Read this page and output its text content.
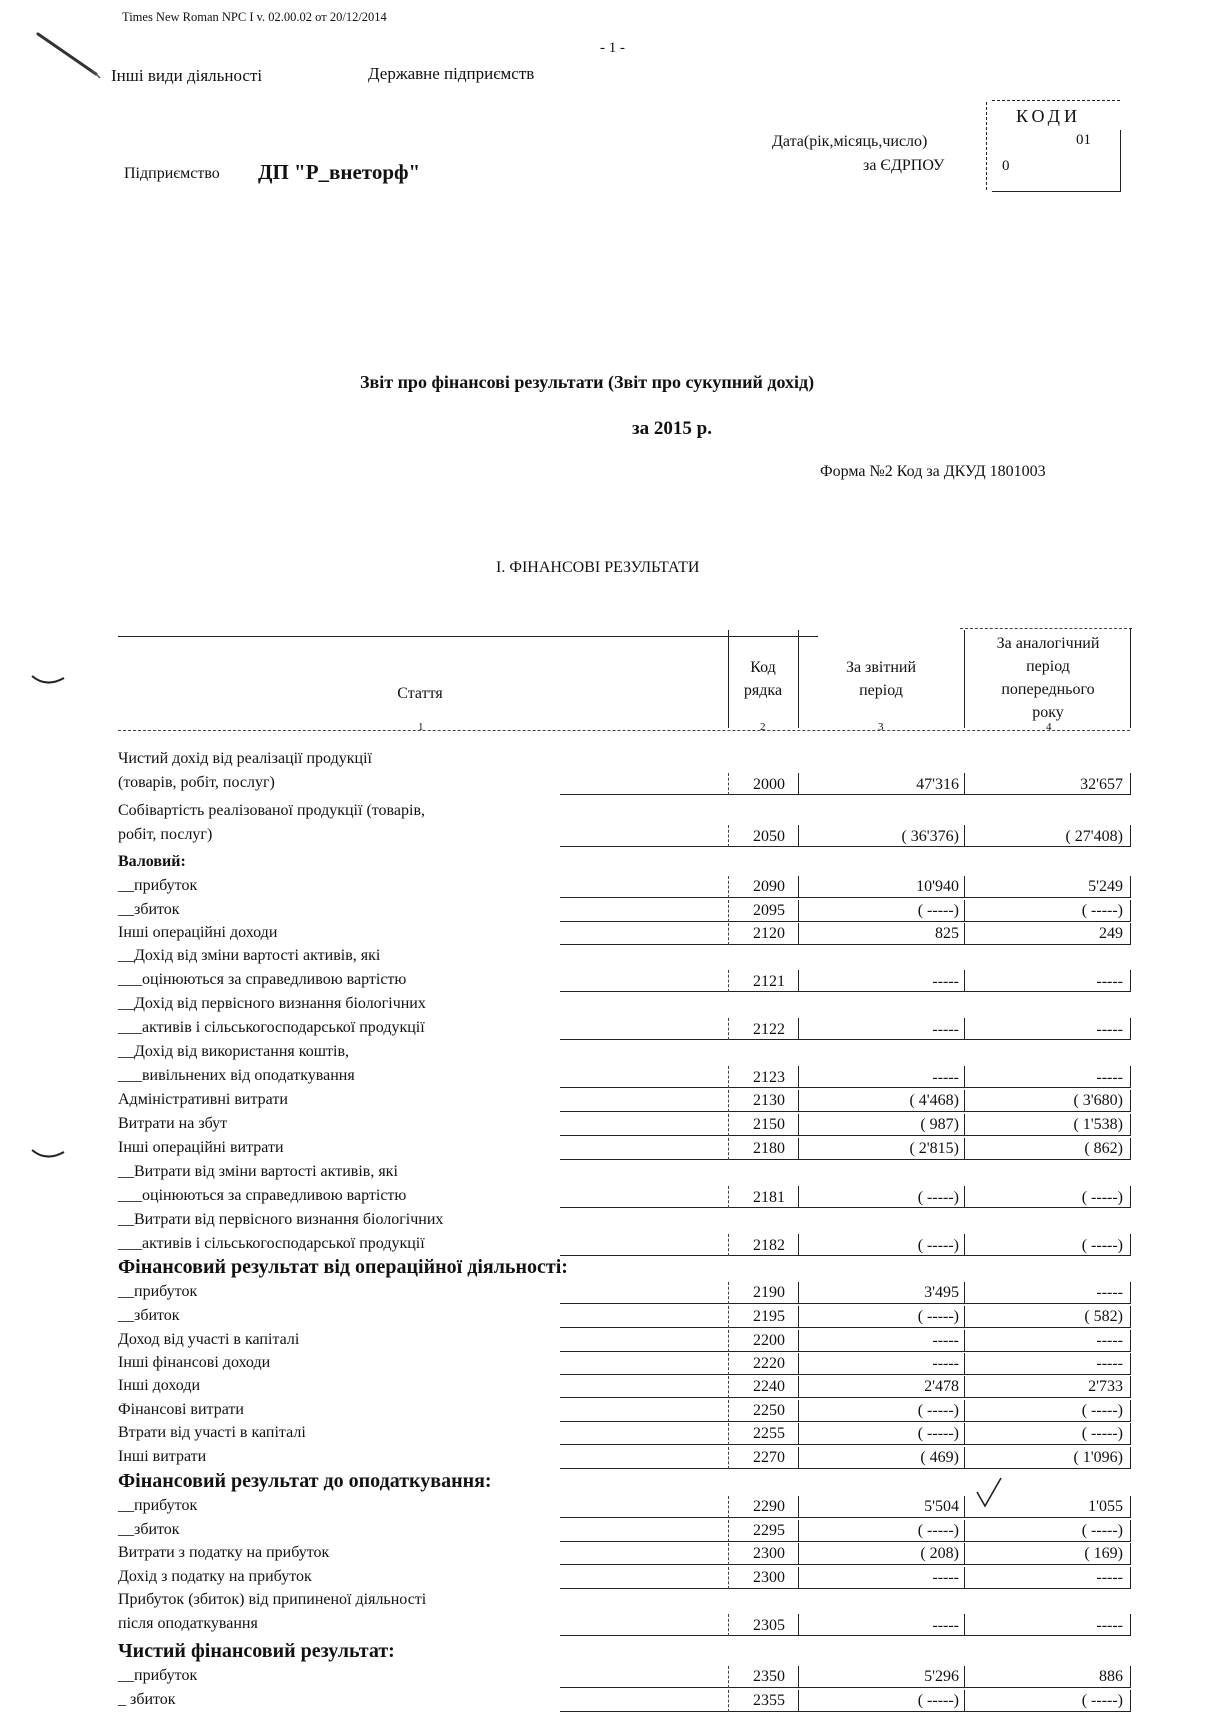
Times New Roman NPC I v. 02.00.02 от 20/12/2014
- 1 -
Інші види діяльності	Державне підприємств
КОДИ
01
0
Дата(рік,місяць,число)
за ЄДРПОУ
Підприємство ДП "Р_внеторф"
Звіт про фінансові результати (Звіт про сукупний дохід)
за 2015 р.
Форма №2 Код за ДКУД 1801003
І. ФІНАНСОВІ РЕЗУЛЬТАТИ
Стаття
Код
рядка
За звітний
період
За аналогічний
період
попереднього
року
1	2	3	4
Чистий дохід від реалізації продукції
(товарів, робіт, послуг)	2000	47'316	32'657
Собівартість реалізованої продукції (товарів,
робіт, послуг)	2050	( 36'376)	( 27'408)
Валовий:
__прибуток	2090	10'940	5'249
__збиток	2095	( -----)	( -----)
Інші операційні доходи	2120	825	249
__Дохід від зміни вартості активів, які
___оцінюються за справедливою вартістю	2121	-----	-----
__Дохід від первісного визнання біологічних
___активів і сільськогосподарської продукції	2122	-----	-----
__Дохід від використання коштів,
___вивільнених від оподаткування	2123	-----	-----
Адміністративні витрати	2130	( 4'468)	( 3'680)
Витрати на збут	2150	( 987)	( 1'538)
Інші операційні витрати	2180	( 2'815)	( 862)
__Витрати від зміни вартості активів, які
___оцінюються за справедливою вартістю	2181	( -----)	( -----)
__Витрати від первісного визнання біологічних
___активів і сільськогосподарської продукції	2182	( -----)	( -----)
Фінансовий результат від операційної діяльності:
__прибуток	2190	3'495	-----
__збиток	2195	( -----)	( 582)
Доход від участі в капіталі	2200	-----	-----
Інші фінансові доходи	2220	-----	-----
Інші доходи	2240	2'478	2'733
Фінансові витрати	2250	( -----)	( -----)
Втрати від участі в капіталі	2255	( -----)	( -----)
Інші витрати	2270	( 469)	( 1'096)
Фінансовий результат до оподаткування:
__прибуток	2290	5'504	1'055
__збиток	2295	( -----)	( -----)
Витрати з податку на прибуток	2300	( 208)	( 169)
Дохід з податку на прибуток	2300	-----	-----
Прибуток (збиток) від припиненої діяльності
після оподаткування	2305	-----	-----
Чистий фінансовий результат:
__прибуток	2350	5'296	886
_ збиток	2355	( -----)	( -----)
